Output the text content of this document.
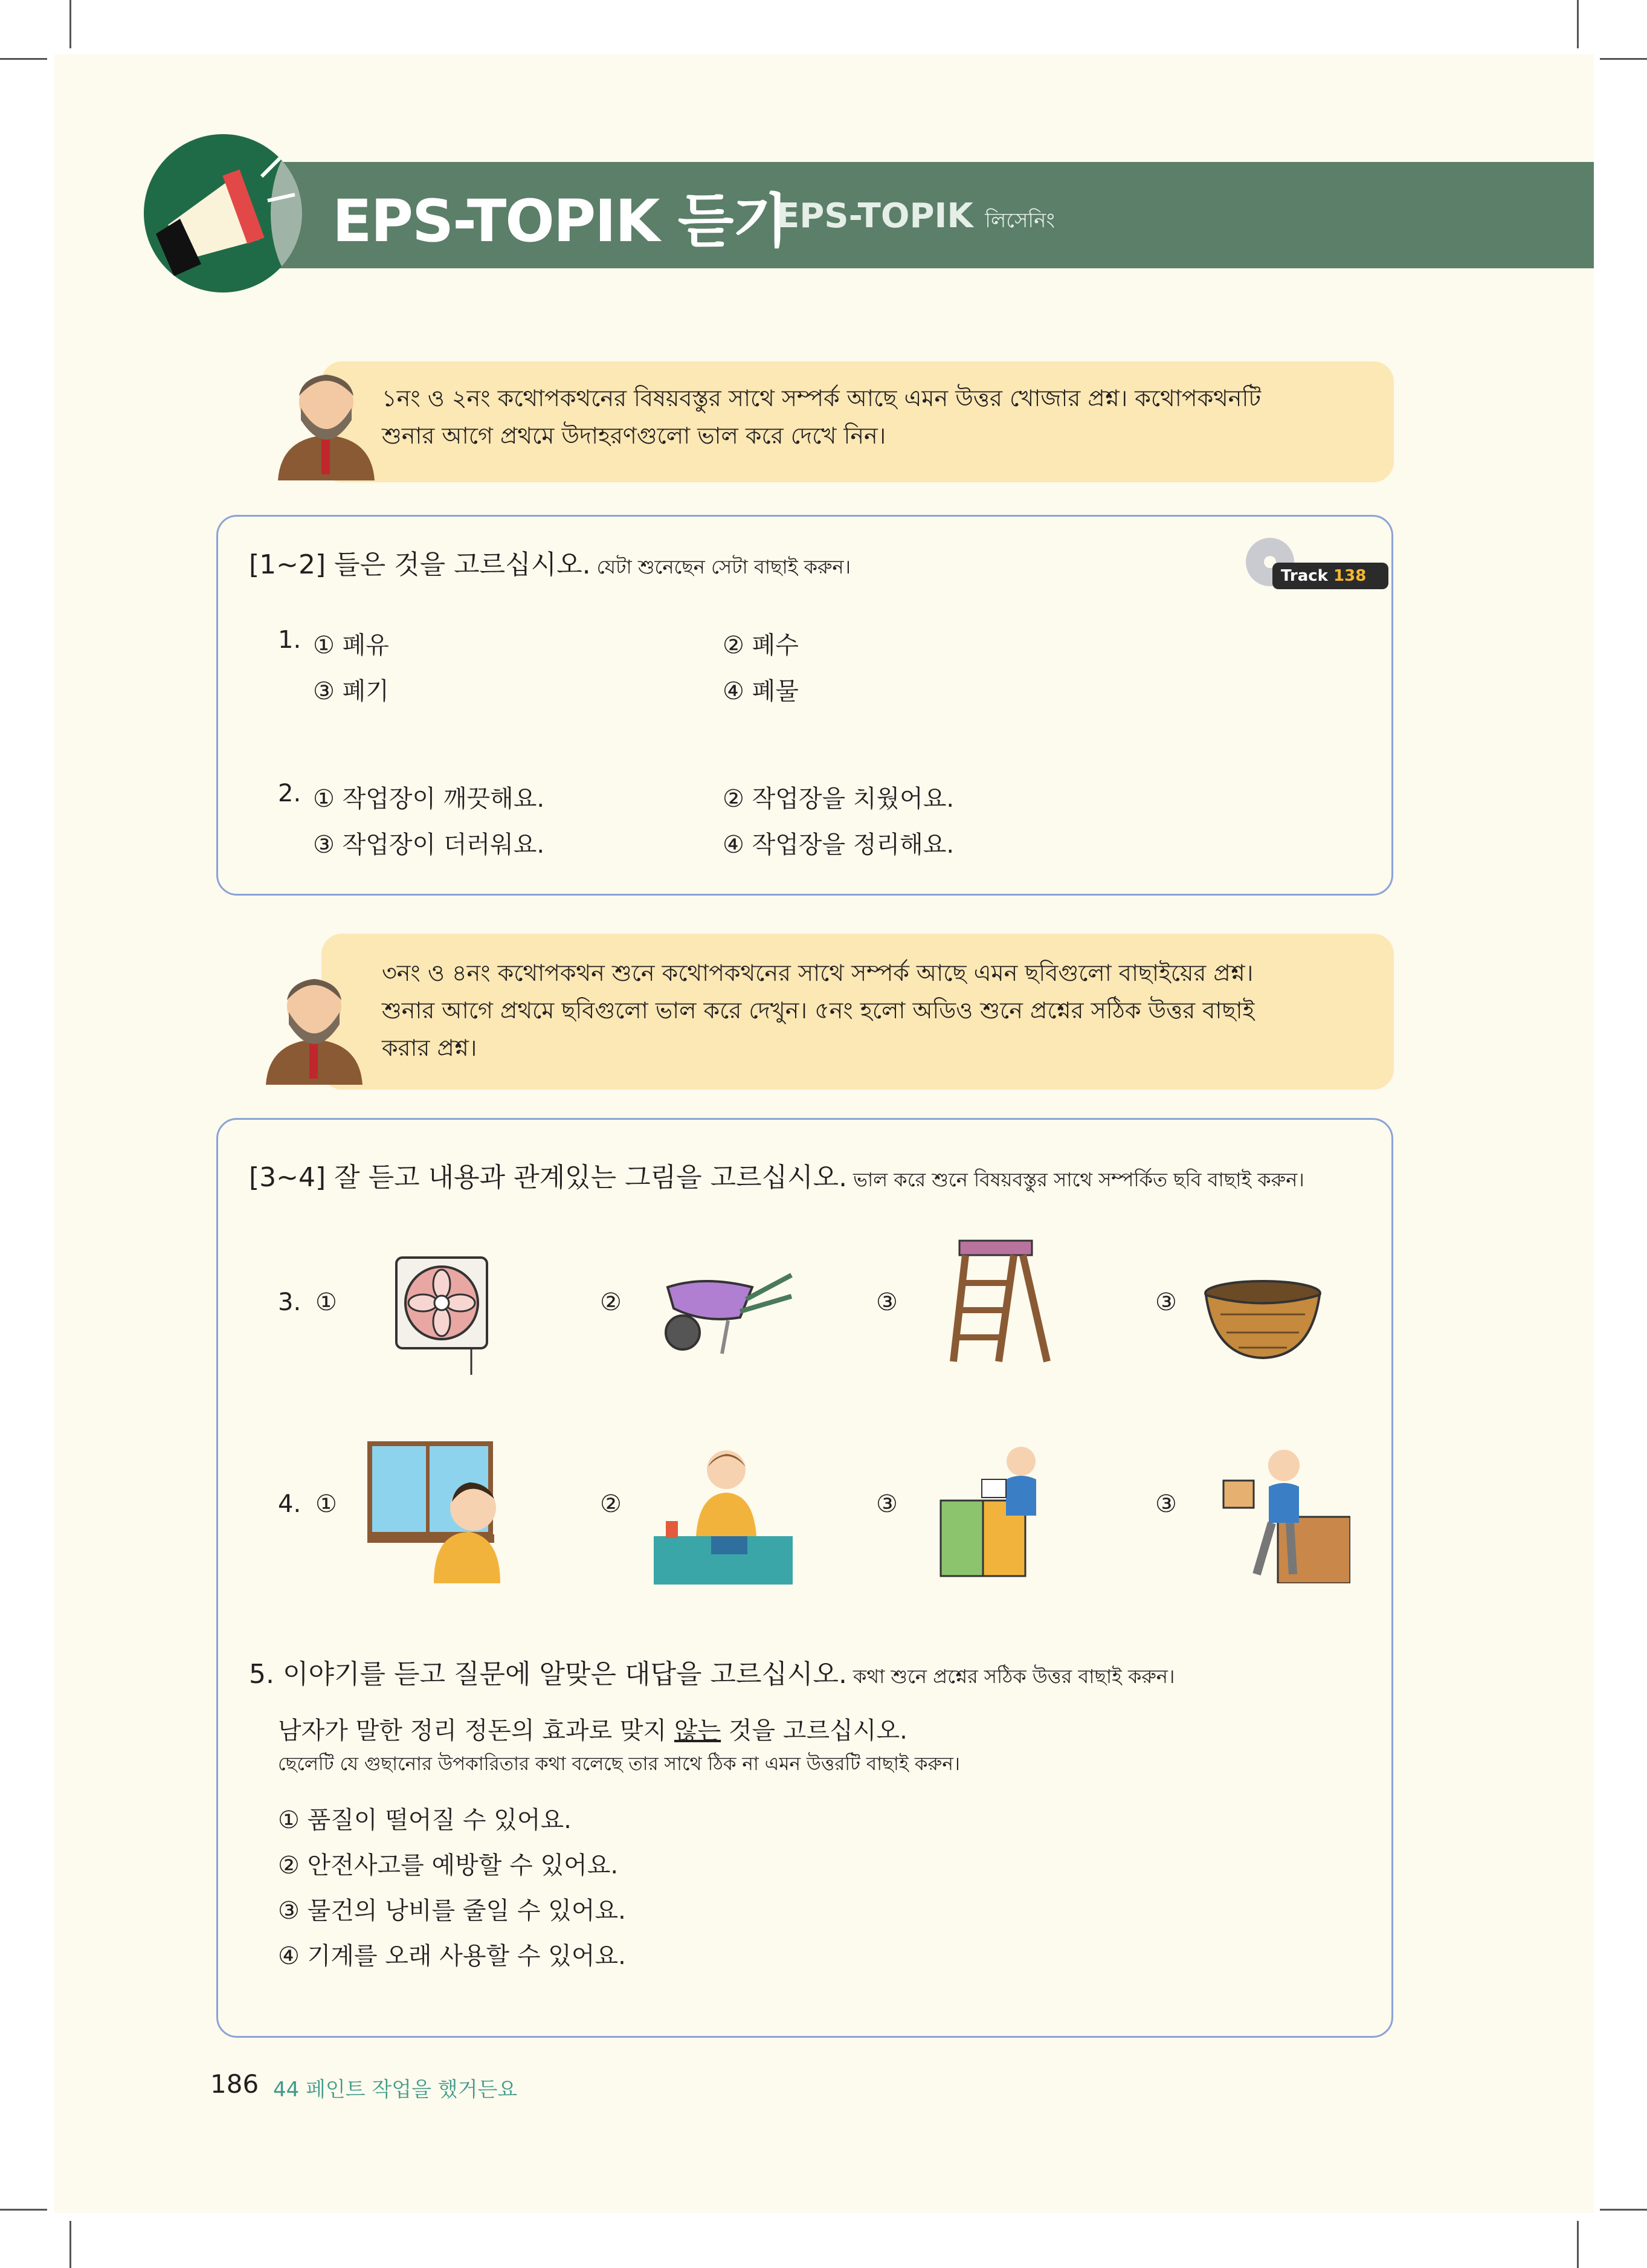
EPS-TOPIK 듣기
EPS-TOPIK লিসেনিং

১নং ও ২নং কথোপকথনের বিষয়বস্তুর সাথে সম্পর্ক আছে এমন উত্তর খোজার প্রশ্ন। কথোপকথনটি

শুনার আগে প্রথমে উদাহরণগুলো ভাল করে দেখে নিন।

[1~2] 들은 것을 고르십시오. যেটা শুনেছেন সেটা বাছাই করুন।	Track 138
1. ① 폐유	② 폐수
③ 폐기	④ 폐물
2. ① 작업장이 깨끗해요.	② 작업장을 치웠어요.
③ 작업장이 더러워요.	④ 작업장을 정리해요.

৩নং ও ৪নং কথোপকথন শুনে কথোপকথনের সাথে সম্পর্ক আছে এমন ছবিগুলো বাছাইয়ের প্রশ্ন।

শুনার আগে প্রথমে ছবিগুলো ভাল করে দেখুন। ৫নং হলো অডিও শুনে প্রশ্নের সঠিক উত্তর বাছাই

করার প্রশ্ন।

[3~4] 잘 듣고 내용과 관계있는 그림을 고르십시오. ভাল করে শুনে বিষয়বস্তুর সাথে সম্পর্কিত ছবি বাছাই করুন।
3. ①	②	③	③
4. ①	②	③	③
5. 이야기를 듣고 질문에 알맞은 대답을 고르십시오. কথা শুনে প্রশ্নের সঠিক উত্তর বাছাই করুন।
남자가 말한 정리 정돈의 효과로 맞지 않는 것을 고르십시오.
ছেলেটি যে গুছানোর উপকারিতার কথা বলেছে তার সাথে ঠিক না এমন উত্তরটি বাছাই করুন।
① 품질이 떨어질 수 있어요.
② 안전사고를 예방할 수 있어요.
③ 물건의 낭비를 줄일 수 있어요.
④ 기계를 오래 사용할 수 있어요.
186 44 페인트 작업을 했거든요
